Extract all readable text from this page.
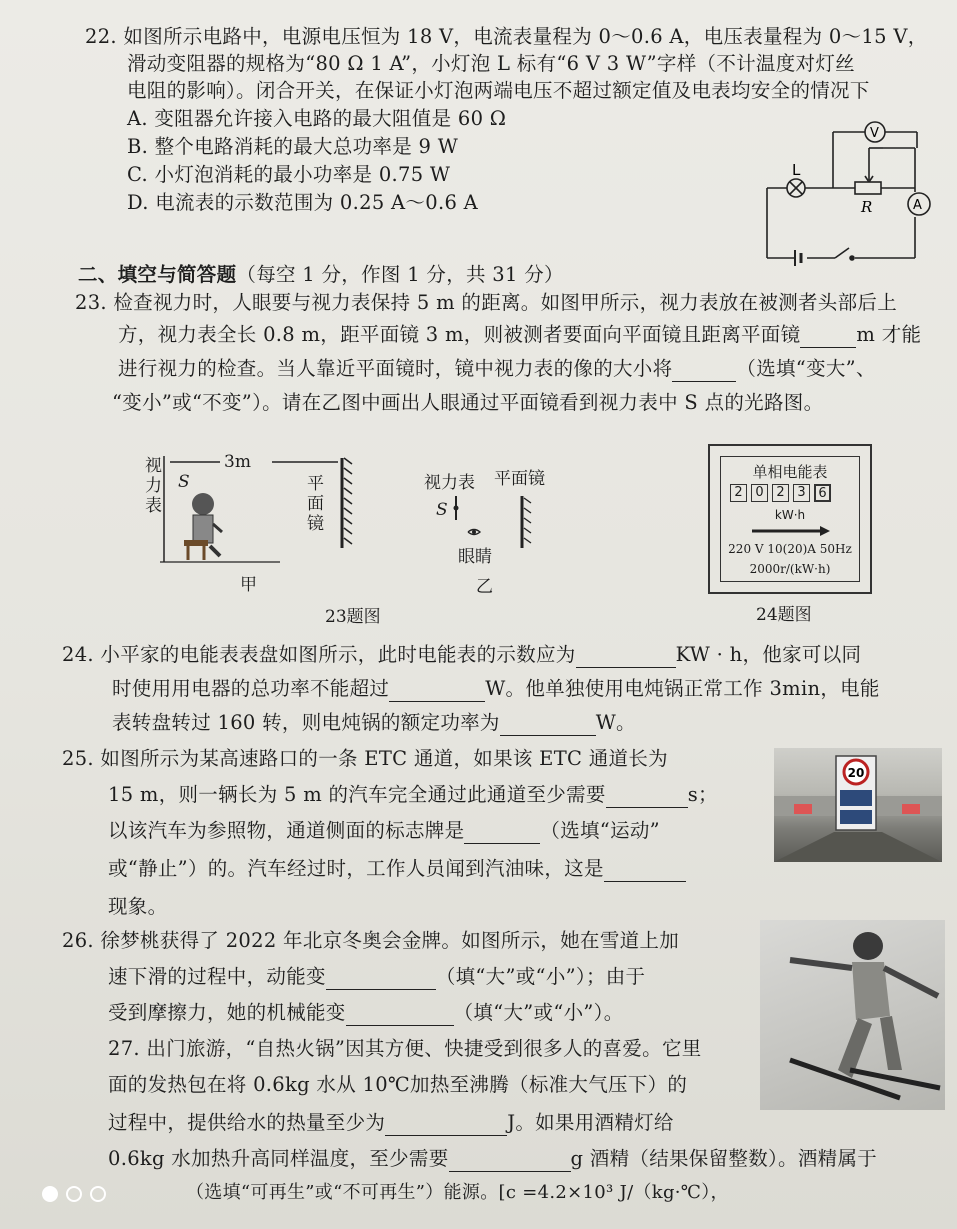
22. 如图所示电路中，电源电压恒为 18 V，电流表量程为 0～0.6 A，电压表量程为 0～15 V，
滑动变阻器的规格为“80 Ω 1 A”，小灯泡 L 标有“6 V 3 W”字样（不计温度对灯丝
电阻的影响）。闭合开关，在保证小灯泡两端电压不超过额定值及电表均安全的情况下
A. 变阻器允许接入电路的最大阻值是 60 Ω
B. 整个电路消耗的最大总功率是 9 W
C. 小灯泡消耗的最小功率是 0.75 W
D. 电流表的示数范围为 0.25 A～0.6 A
L
V
A
R
二、填空与简答题（每空 1 分，作图 1 分，共 31 分）
23. 检查视力时，人眼要与视力表保持 5 m 的距离。如图甲所示，视力表放在被测者头部后上
方，视力表全长 0.8 m，距平面镜 3 m，则被测者要面向平面镜且距离平面镜	m 才能
进行视力的检查。当人靠近平面镜时，镜中视力表的像的大小将	（选填“变大”、
“变小”或“不变”）。请在乙图中画出人眼通过平面镜看到视力表中 S 点的光路图。
视力表
S
3m
平面镜
甲
视力表 平面镜
S
眼睛
乙
23题图
单相电能表
2 0 2 3 6
kW·h
220 V 10(20)A 50Hz
2000r/(kW·h)
24题图
24. 小平家的电能表表盘如图所示，此时电能表的示数应为	KW · h，他家可以同
时使用用电器的总功率不能超过	W。他单独使用电炖锅正常工作 3min，电能
表转盘转过 160 转，则电炖锅的额定功率为	W。
25. 如图所示为某高速路口的一条 ETC 通道，如果该 ETC 通道长为
15 m，则一辆长为 5 m 的汽车完全通过此通道至少需要	s；
以该汽车为参照物，通道侧面的标志牌是	（选填“运动”
或“静止”）的。汽车经过时，工作人员闻到汽油味，这是
现象。
20
26. 徐梦桃获得了 2022 年北京冬奥会金牌。如图所示，她在雪道上加
速下滑的过程中，动能变	（填“大”或“小”）；由于
受到摩擦力，她的机械能变	（填“大”或“小”）。
27. 出门旅游，“自热火锅”因其方便、快捷受到很多人的喜爱。它里
面的发热包在将 0.6kg 水从 10℃加热至沸腾（标准大气压下）的
过程中，提供给水的热量至少为	J。如果用酒精灯给
0.6kg 水加热升高同样温度，至少需要	g 酒精（结果保留整数）。酒精属于
（选填“可再生”或“不可再生”）能源。[c =4.2×10³ J/（kg·℃），
